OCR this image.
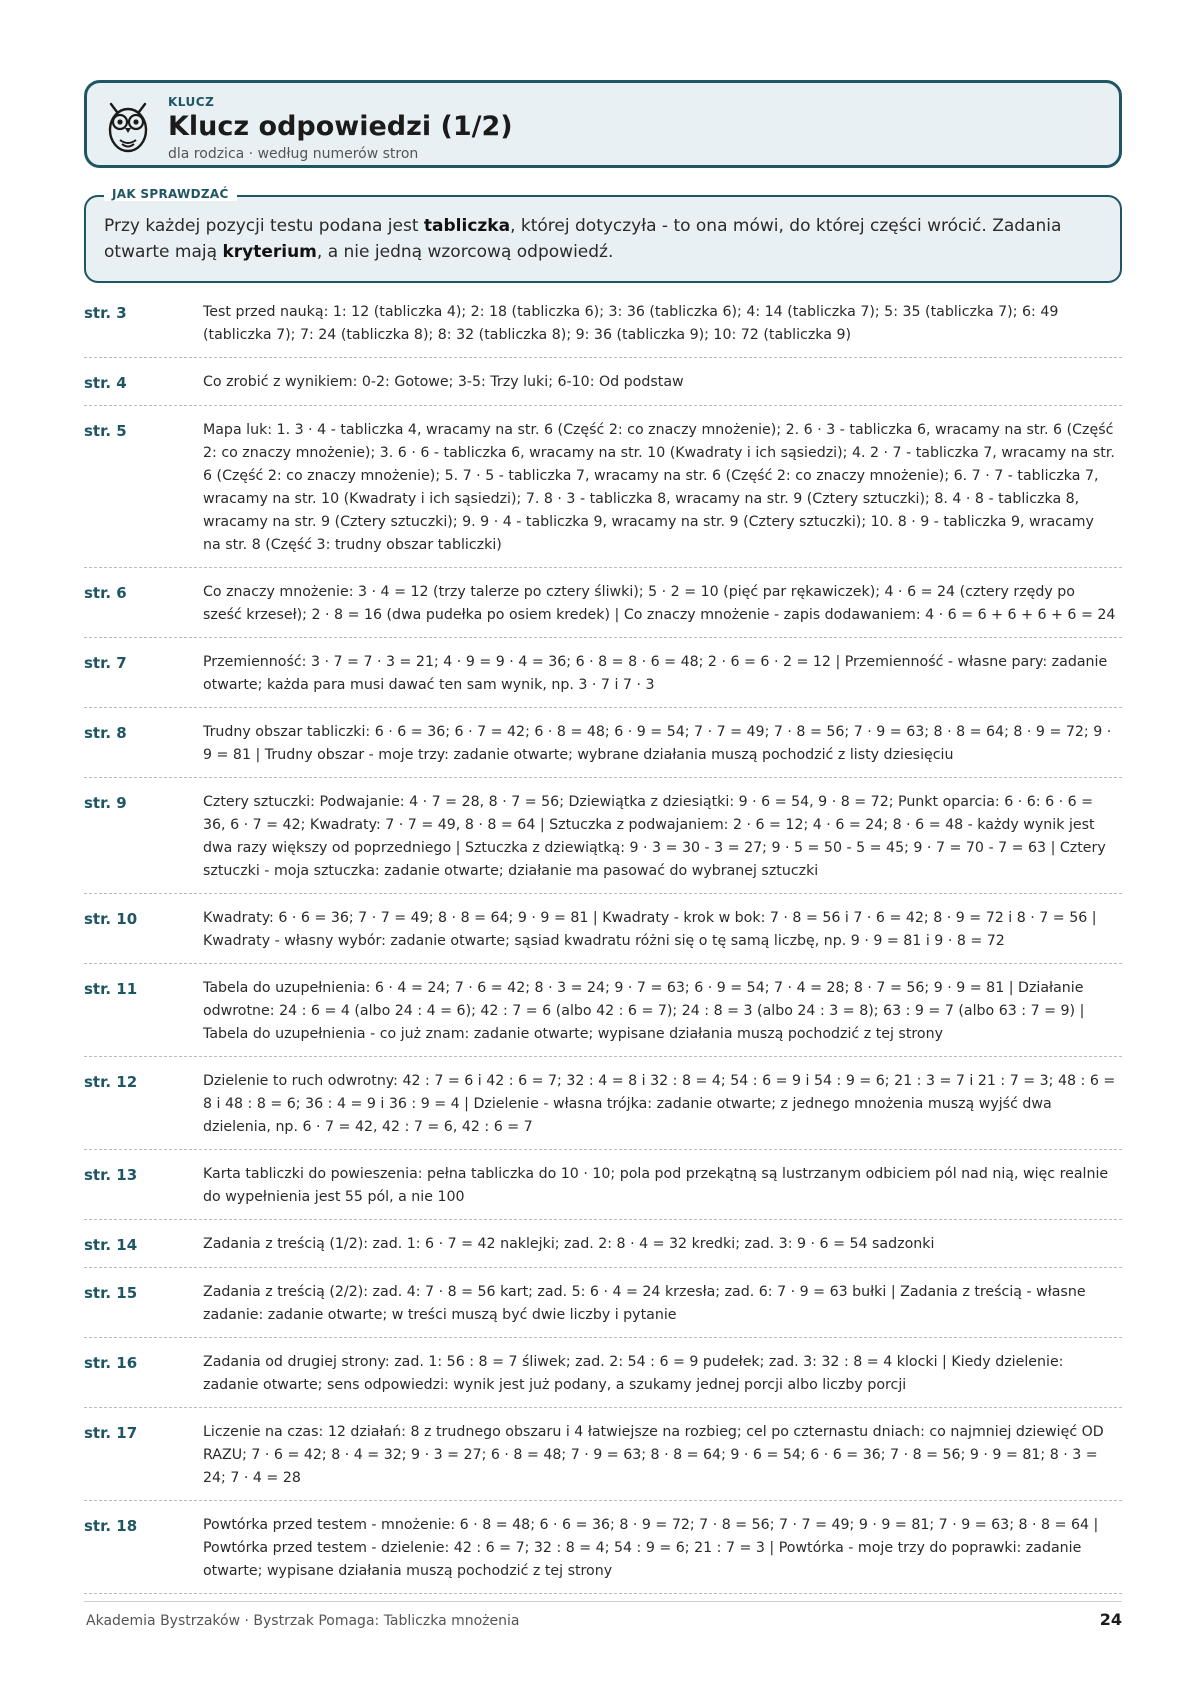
KLUCZ
Klucz odpowiedzi (1/2)
dla rodzica · według numerów stron
JAK SPRAWDZAĆ
Przy każdej pozycji testu podana jest tabliczka, której dotyczyła - to ona mówi, do której części wrócić. Zadania otwarte mają kryterium, a nie jedną wzorcową odpowiedź.
str. 3	Test przed nauką: 1: 12 (tabliczka 4); 2: 18 (tabliczka 6); 3: 36 (tabliczka 6); 4: 14 (tabliczka 7); 5: 35 (tabliczka 7); 6: 49 (tabliczka 7); 7: 24 (tabliczka 8); 8: 32 (tabliczka 8); 9: 36 (tabliczka 9); 10: 72 (tabliczka 9)
str. 4	Co zrobić z wynikiem: 0-2: Gotowe; 3-5: Trzy luki; 6-10: Od podstaw
str. 5	Mapa luk: 1. 3 · 4 - tabliczka 4, wracamy na str. 6 (Część 2: co znaczy mnożenie); 2. 6 · 3 - tabliczka 6, wracamy na str. 6 (Część 2: co znaczy mnożenie); 3. 6 · 6 - tabliczka 6, wracamy na str. 10 (Kwadraty i ich sąsiedzi); 4. 2 · 7 - tabliczka 7, wracamy na str. 6 (Część 2: co znaczy mnożenie); 5. 7 · 5 - tabliczka 7, wracamy na str. 6 (Część 2: co znaczy mnożenie); 6. 7 · 7 - tabliczka 7, wracamy na str. 10 (Kwadraty i ich sąsiedzi); 7. 8 · 3 - tabliczka 8, wracamy na str. 9 (Cztery sztuczki); 8. 4 · 8 - tabliczka 8, wracamy na str. 9 (Cztery sztuczki); 9. 9 · 4 - tabliczka 9, wracamy na str. 9 (Cztery sztuczki); 10. 8 · 9 - tabliczka 9, wracamy na str. 8 (Część 3: trudny obszar tabliczki)
str. 6	Co znaczy mnożenie: 3 · 4 = 12 (trzy talerze po cztery śliwki); 5 · 2 = 10 (pięć par rękawiczek); 4 · 6 = 24 (cztery rzędy po sześć krzeseł); 2 · 8 = 16 (dwa pudełka po osiem kredek) | Co znaczy mnożenie - zapis dodawaniem: 4 · 6 = 6 + 6 + 6 + 6 = 24
str. 7	Przemienność: 3 · 7 = 7 · 3 = 21; 4 · 9 = 9 · 4 = 36; 6 · 8 = 8 · 6 = 48; 2 · 6 = 6 · 2 = 12 | Przemienność - własne pary: zadanie otwarte; każda para musi dawać ten sam wynik, np. 3 · 7 i 7 · 3
str. 8	Trudny obszar tabliczki: 6 · 6 = 36; 6 · 7 = 42; 6 · 8 = 48; 6 · 9 = 54; 7 · 7 = 49; 7 · 8 = 56; 7 · 9 = 63; 8 · 8 = 64; 8 · 9 = 72; 9 · 9 = 81 | Trudny obszar - moje trzy: zadanie otwarte; wybrane działania muszą pochodzić z listy dziesięciu
str. 9	Cztery sztuczki: Podwajanie: 4 · 7 = 28, 8 · 7 = 56; Dziewiątka z dziesiątki: 9 · 6 = 54, 9 · 8 = 72; Punkt oparcia: 6 · 6: 6 · 6 = 36, 6 · 7 = 42; Kwadraty: 7 · 7 = 49, 8 · 8 = 64 | Sztuczka z podwajaniem: 2 · 6 = 12; 4 · 6 = 24; 8 · 6 = 48 - każdy wynik jest dwa razy większy od poprzedniego | Sztuczka z dziewiątką: 9 · 3 = 30 - 3 = 27; 9 · 5 = 50 - 5 = 45; 9 · 7 = 70 - 7 = 63 | Cztery sztuczki - moja sztuczka: zadanie otwarte; działanie ma pasować do wybranej sztuczki
str. 10	Kwadraty: 6 · 6 = 36; 7 · 7 = 49; 8 · 8 = 64; 9 · 9 = 81 | Kwadraty - krok w bok: 7 · 8 = 56 i 7 · 6 = 42; 8 · 9 = 72 i 8 · 7 = 56 | Kwadraty - własny wybór: zadanie otwarte; sąsiad kwadratu różni się o tę samą liczbę, np. 9 · 9 = 81 i 9 · 8 = 72
str. 11	Tabela do uzupełnienia: 6 · 4 = 24; 7 · 6 = 42; 8 · 3 = 24; 9 · 7 = 63; 6 · 9 = 54; 7 · 4 = 28; 8 · 7 = 56; 9 · 9 = 81 | Działanie odwrotne: 24 : 6 = 4 (albo 24 : 4 = 6); 42 : 7 = 6 (albo 42 : 6 = 7); 24 : 8 = 3 (albo 24 : 3 = 8); 63 : 9 = 7 (albo 63 : 7 = 9) | Tabela do uzupełnienia - co już znam: zadanie otwarte; wypisane działania muszą pochodzić z tej strony
str. 12	Dzielenie to ruch odwrotny: 42 : 7 = 6 i 42 : 6 = 7; 32 : 4 = 8 i 32 : 8 = 4; 54 : 6 = 9 i 54 : 9 = 6; 21 : 3 = 7 i 21 : 7 = 3; 48 : 6 = 8 i 48 : 8 = 6; 36 : 4 = 9 i 36 : 9 = 4 | Dzielenie - własna trójka: zadanie otwarte; z jednego mnożenia muszą wyjść dwa dzielenia, np. 6 · 7 = 42, 42 : 7 = 6, 42 : 6 = 7
str. 13	Karta tabliczki do powieszenia: pełna tabliczka do 10 · 10; pola pod przekątną są lustrzanym odbiciem pól nad nią, więc realnie do wypełnienia jest 55 pól, a nie 100
str. 14	Zadania z treścią (1/2): zad. 1: 6 · 7 = 42 naklejki; zad. 2: 8 · 4 = 32 kredki; zad. 3: 9 · 6 = 54 sadzonki
str. 15	Zadania z treścią (2/2): zad. 4: 7 · 8 = 56 kart; zad. 5: 6 · 4 = 24 krzesła; zad. 6: 7 · 9 = 63 bułki | Zadania z treścią - własne zadanie: zadanie otwarte; w treści muszą być dwie liczby i pytanie
str. 16	Zadania od drugiej strony: zad. 1: 56 : 8 = 7 śliwek; zad. 2: 54 : 6 = 9 pudełek; zad. 3: 32 : 8 = 4 klocki | Kiedy dzielenie: zadanie otwarte; sens odpowiedzi: wynik jest już podany, a szukamy jednej porcji albo liczby porcji
str. 17	Liczenie na czas: 12 działań: 8 z trudnego obszaru i 4 łatwiejsze na rozbieg; cel po czternastu dniach: co najmniej dziewięć OD RAZU; 7 · 6 = 42; 8 · 4 = 32; 9 · 3 = 27; 6 · 8 = 48; 7 · 9 = 63; 8 · 8 = 64; 9 · 6 = 54; 6 · 6 = 36; 7 · 8 = 56; 9 · 9 = 81; 8 · 3 = 24; 7 · 4 = 28
str. 18	Powtórka przed testem - mnożenie: 6 · 8 = 48; 6 · 6 = 36; 8 · 9 = 72; 7 · 8 = 56; 7 · 7 = 49; 9 · 9 = 81; 7 · 9 = 63; 8 · 8 = 64 | Powtórka przed testem - dzielenie: 42 : 6 = 7; 32 : 8 = 4; 54 : 9 = 6; 21 : 7 = 3 | Powtórka - moje trzy do poprawki: zadanie otwarte; wypisane działania muszą pochodzić z tej strony
Akademia Bystrzaków · Bystrzak Pomaga: Tabliczka mnożenia	24
